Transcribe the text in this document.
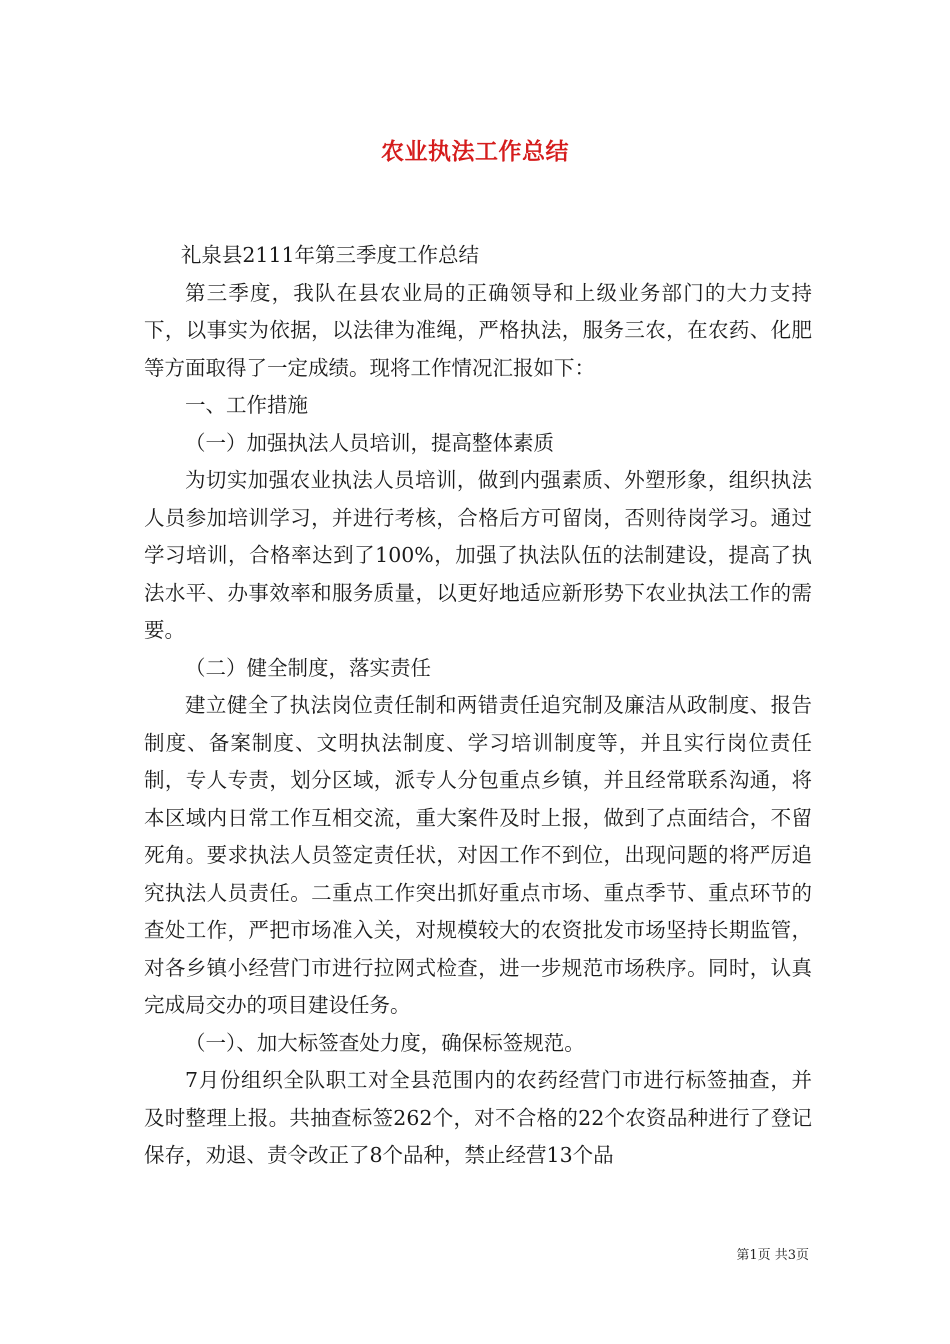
农业执法工作总结

礼泉县2111年第三季度工作总结

第三季度，我队在县农业局的正确领导和上级业务部门的大力支持下，以事实为依据，以法律为准绳，严格执法，服务三农，在农药、化肥等方面取得了一定成绩。现将工作情况汇报如下：

一、工作措施

（一）加强执法人员培训，提高整体素质

为切实加强农业执法人员培训，做到内强素质、外塑形象，组织执法人员参加培训学习，并进行考核，合格后方可留岗，否则待岗学习。通过学习培训，合格率达到了100%，加强了执法队伍的法制建设，提高了执法水平、办事效率和服务质量，以更好地适应新形势下农业执法工作的需要。

（二）健全制度，落实责任

建立健全了执法岗位责任制和两错责任追究制及廉洁从政制度、报告制度、备案制度、文明执法制度、学习培训制度等，并且实行岗位责任制，专人专责，划分区域，派专人分包重点乡镇，并且经常联系沟通，将本区域内日常工作互相交流，重大案件及时上报，做到了点面结合，不留死角。要求执法人员签定责任状，对因工作不到位，出现问题的将严厉追究执法人员责任。二重点工作突出抓好重点市场、重点季节、重点环节的查处工作，严把市场准入关，对规模较大的农资批发市场坚持长期监管，对各乡镇小经营门市进行拉网式检查，进一步规范市场秩序。同时，认真完成局交办的项目建设任务。

（一）、加大标签查处力度，确保标签规范。

7月份组织全队职工对全县范围内的农药经营门市进行标签抽查，并及时整理上报。共抽查标签262个，对不合格的22个农资品种进行了登记保存，劝退、责令改正了8个品种，禁止经营13个品

第1页 共3页
